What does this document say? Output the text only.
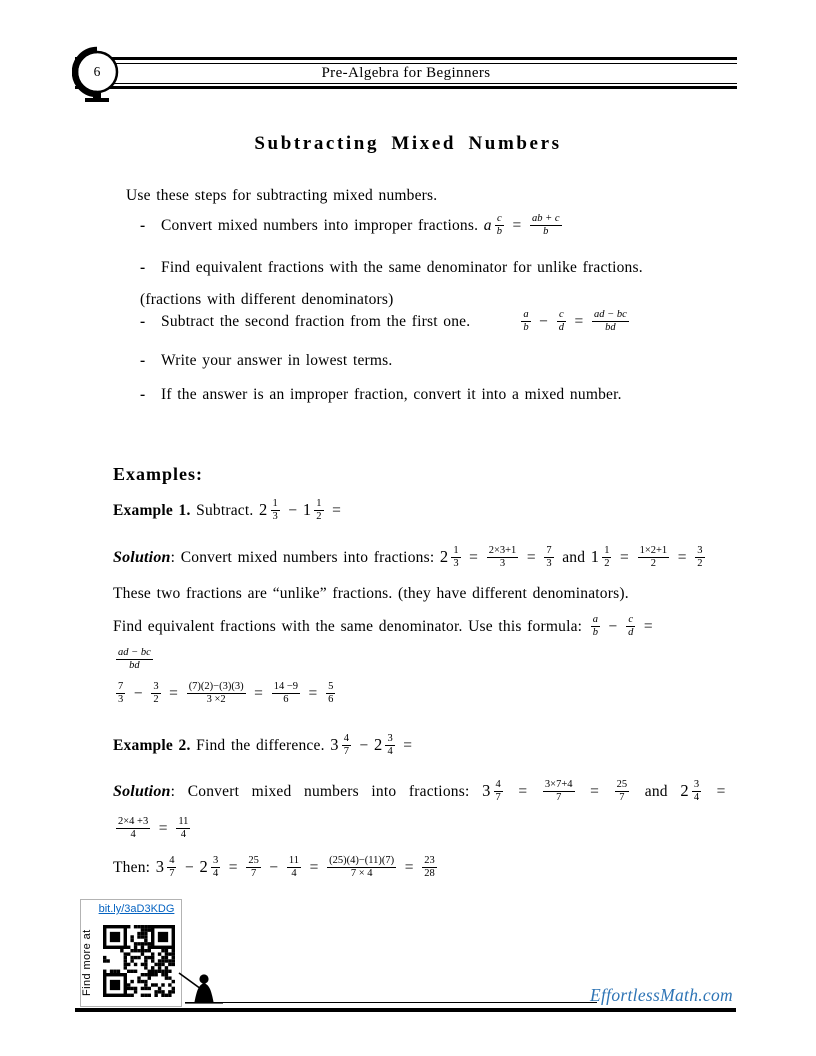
Pre-Algebra for Beginners
6
Subtracting Mixed Numbers
Use these steps for subtracting mixed numbers.
- Convert mixed numbers into improper fractions. a $\frac{c}{b} = \frac{ab + c}{b}$
- Find equivalent fractions with the same denominator for unlike fractions.
(fractions with different denominators)
- Subtract the second fraction from the first one.	$\frac{a}{b} - \frac{c}{d} = \frac{ad - bc}{bd}$
- Write your answer in lowest terms.
- If the answer is an improper fraction, convert it into a mixed number.
Examples:
Example 1. Subtract. $2 \frac{1}{3} - 1 \frac{1}{2}$ =
Solution: Convert mixed numbers into fractions: $2 \frac{1}{3} = \frac{2\times 3+1}{3} = \frac{7}{3}$ and $1 \frac{1}{2} = \frac{1\times 2+1}{2} = \frac{3}{2}$
These two fractions are “unlike” fractions. (they have different denominators).
Find equivalent fractions with the same denominator. Use this formula: $\frac{a}{b} - \frac{c}{d}$ =

$\frac{ad - bc}{bd}$
$\frac{7}{3} - \frac{3}{2} = \frac{(7)(2)-(3)(3)}{3 \times 2} = \frac{14 -9}{6} = \frac{5}{6}$
Example 2. Find the difference. $3 \frac{4}{7} - 2 \frac{3}{4}$ =
Solution: Convert mixed numbers into fractions: $3 \frac{4}{7} = \frac{3\times 7+4}{7} = \frac{25}{7}$ and $2 \frac{3}{4}$ =
$\frac{2\times 4 +3}{4} = \frac{11}{4}$
Then: $3 \frac{4}{7} - 2 \frac{3}{4} = \frac{25}{7} - \frac{11}{4} = \frac{(25)(4)-(11)(7)}{7 \times 4} = \frac{23}{28}$
bit.ly/3aD3KDG
Find more at	EffortlessMath.com
